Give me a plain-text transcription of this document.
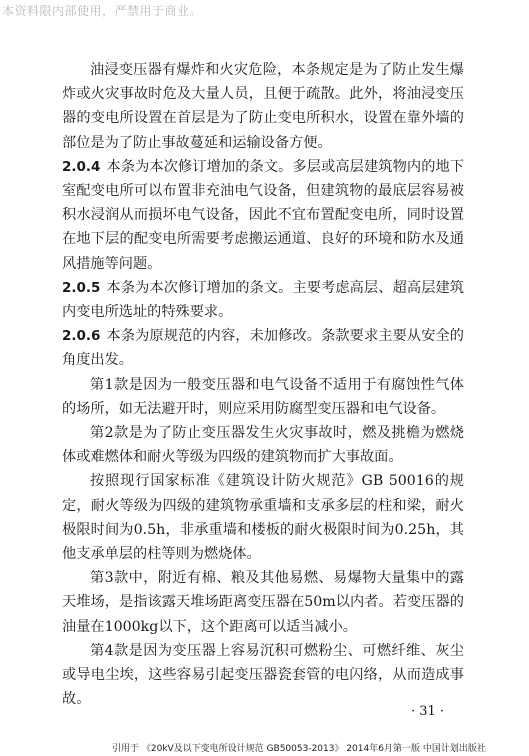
本资料限内部使用，严禁用于商业。

油浸变压器有爆炸和火灾危险，本条规定是为了防止发生爆炸或火灾事故时危及大量人员，且便于疏散。此外，将油浸变压器的变电所设置在首层是为了防止变电所积水，设置在靠外墙的部位是为了防止事故蔓延和运输设备方便。

2.0.4 本条为本次修订增加的条文。多层或高层建筑物内的地下室配变电所可以布置非充油电气设备，但建筑物的最底层容易被积水浸润从而损坏电气设备，因此不宜布置配变电所，同时设置在地下层的配变电所需要考虑搬运通道、良好的环境和防水及通风措施等问题。

2.0.5 本条为本次修订增加的条文。主要考虑高层、超高层建筑内变电所选址的特殊要求。

2.0.6 本条为原规范的内容，未加修改。条款要求主要从安全的角度出发。

第1款是因为一般变压器和电气设备不适用于有腐蚀性气体的场所，如无法避开时，则应采用防腐型变压器和电气设备。

第2款是为了防止变压器发生火灾事故时，燃及挑檐为燃烧体或难燃体和耐火等级为四级的建筑物而扩大事故面。

按照现行国家标准《建筑设计防火规范》GB 50016的规定，耐火等级为四级的建筑物承重墙和支承多层的柱和梁，耐火极限时间为0.5h，非承重墙和楼板的耐火极限时间为0.25h，其他支承单层的柱等则为燃烧体。

第3款中，附近有棉、粮及其他易燃、易爆物大量集中的露天堆场，是指该露天堆场距离变压器在50m以内者。若变压器的油量在1000kg以下，这个距离可以适当减小。

第4款是因为变压器上容易沉积可燃粉尘、可燃纤维、灰尘或导电尘埃，这些容易引起变压器瓷套管的电闪络，从而造成事故。

· 31 ·
引用于 《20kV及以下变电所设计规范 GB50053-2013》 2014年6月第一版 中国计划出版社
